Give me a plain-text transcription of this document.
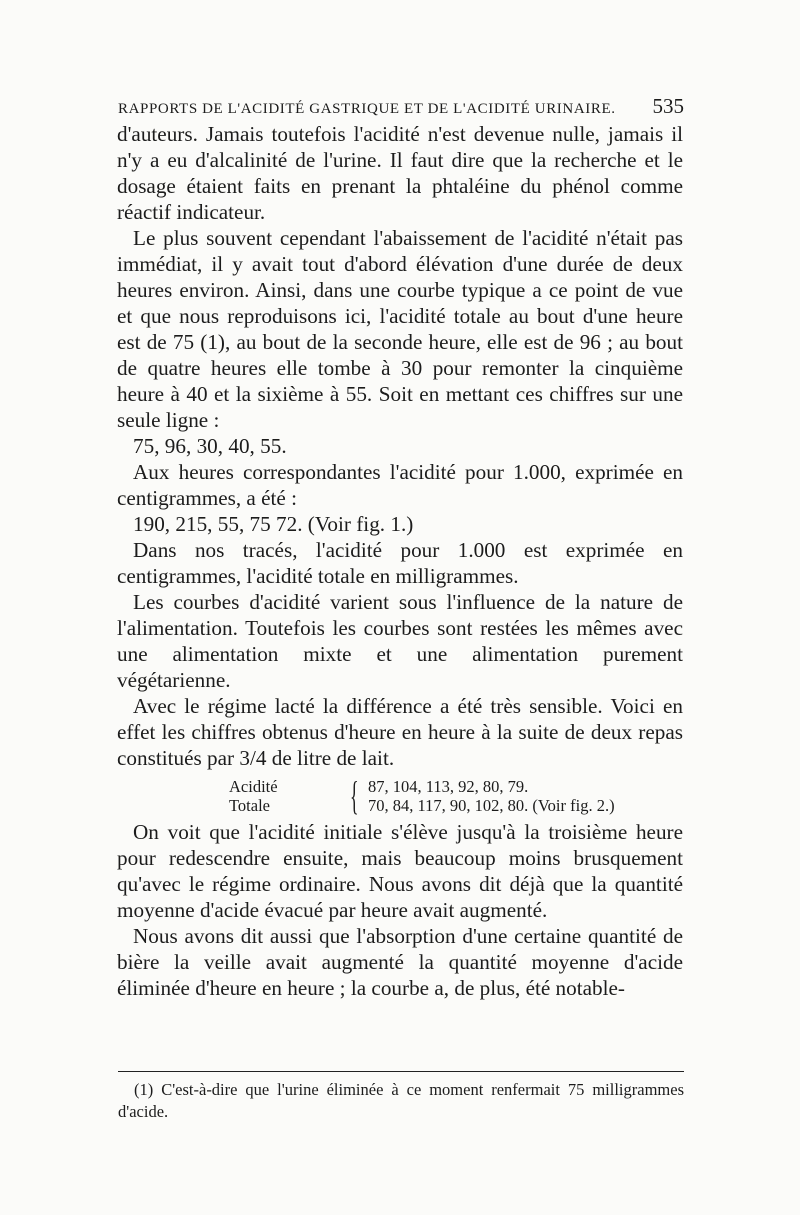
RAPPORTS DE L'ACIDITÉ GASTRIQUE ET DE L'ACIDITÉ URINAIRE. 535

d'auteurs. Jamais toutefois l'acidité n'est devenue nulle, jamais il n'y a eu d'alcalinité de l'urine. Il faut dire que la recherche et le dosage étaient faits en prenant la phtaléine du phénol comme réactif indicateur.

Le plus souvent cependant l'abaissement de l'acidité n'était pas immédiat, il y avait tout d'abord élévation d'une durée de deux heures environ. Ainsi, dans une courbe typique a ce point de vue et que nous reproduisons ici, l'acidité totale au bout d'une heure est de 75 (1), au bout de la seconde heure, elle est de 96 ; au bout de quatre heures elle tombe à 30 pour remonter la cinquième heure à 40 et la sixième à 55. Soit en mettant ces chiffres sur une seule ligne :

75, 96, 30, 40, 55.

Aux heures correspondantes l'acidité pour 1.000, exprimée en centigrammes, a été :

190, 215, 55, 75 72. (Voir fig. 1.)

Dans nos tracés, l'acidité pour 1.000 est exprimée en centigrammes, l'acidité totale en milligrammes.

Les courbes d'acidité varient sous l'influence de la nature de l'alimentation. Toutefois les courbes sont restées les mêmes avec une alimentation mixte et une alimentation purement végétarienne.

Avec le régime lacté la différence a été très sensible. Voici en effet les chiffres obtenus d'heure en heure à la suite de deux repas constitués par 3/4 de litre de lait.

Acidité	{ 87, 104, 113, 92, 80, 79.
Totale	70, 84, 117, 90, 102, 80. (Voir fig. 2.)

On voit que l'acidité initiale s'élève jusqu'à la troisième heure pour redescendre ensuite, mais beaucoup moins brusquement qu'avec le régime ordinaire. Nous avons dit déjà que la quantité moyenne d'acide évacué par heure avait augmenté.

Nous avons dit aussi que l'absorption d'une certaine quantité de bière la veille avait augmenté la quantité moyenne d'acide éliminée d'heure en heure ; la courbe a, de plus, été notable-

(1) C'est-à-dire que l'urine éliminée à ce moment renfermait 75 milligrammes d'acide.
